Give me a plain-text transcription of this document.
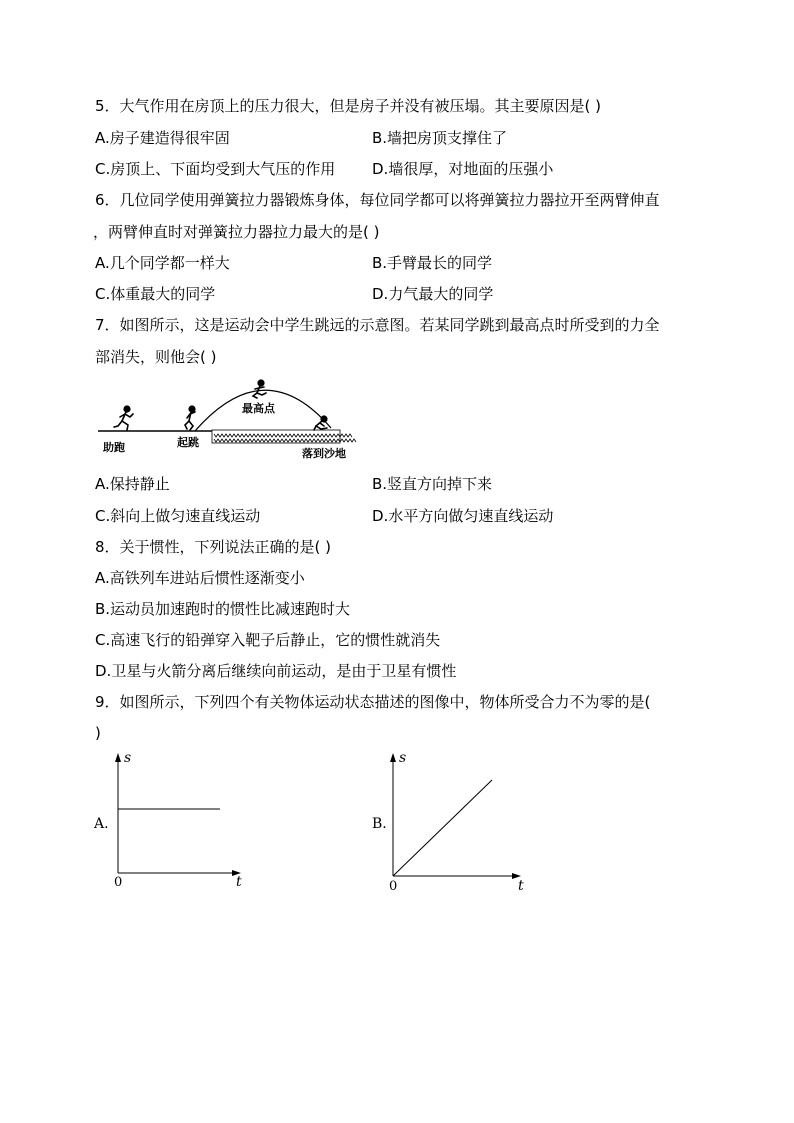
5．大气作用在房顶上的压力很大，但是房子并没有被压塌。其主要原因是( )
A.房子建造得很牢固	B.墙把房顶支撑住了
C.房顶上、下面均受到大气压的作用 D.墙很厚，对地面的压强小
6．几位同学使用弹簧拉力器锻炼身体，每位同学都可以将弹簧拉力器拉开至两臂伸直
，两臂伸直时对弹簧拉力器拉力最大的是( )
A.几个同学都一样大	B.手臂最长的同学
C.体重最大的同学	D.力气最大的同学
7．如图所示，这是运动会中学生跳远的示意图。若某同学跳到最高点时所受到的力全
部消失，则他会( )
助跑	起跳
最高点
落到沙地
A.保持静止	B.竖直方向掉下来
C.斜向上做匀速直线运动	D.水平方向做匀速直线运动
8．关于惯性，下列说法正确的是( )
A.高铁列车进站后惯性逐渐变小
B.运动员加速跑时的惯性比减速跑时大
C.高速飞行的铅弹穿入靶子后静止，它的惯性就消失
D.卫星与火箭分离后继续向前运动，是由于卫星有惯性
9．如图所示，下列四个有关物体运动状态描述的图像中，物体所受合力不为零的是(
)
A.
s
t
0
B.
s
t
0
